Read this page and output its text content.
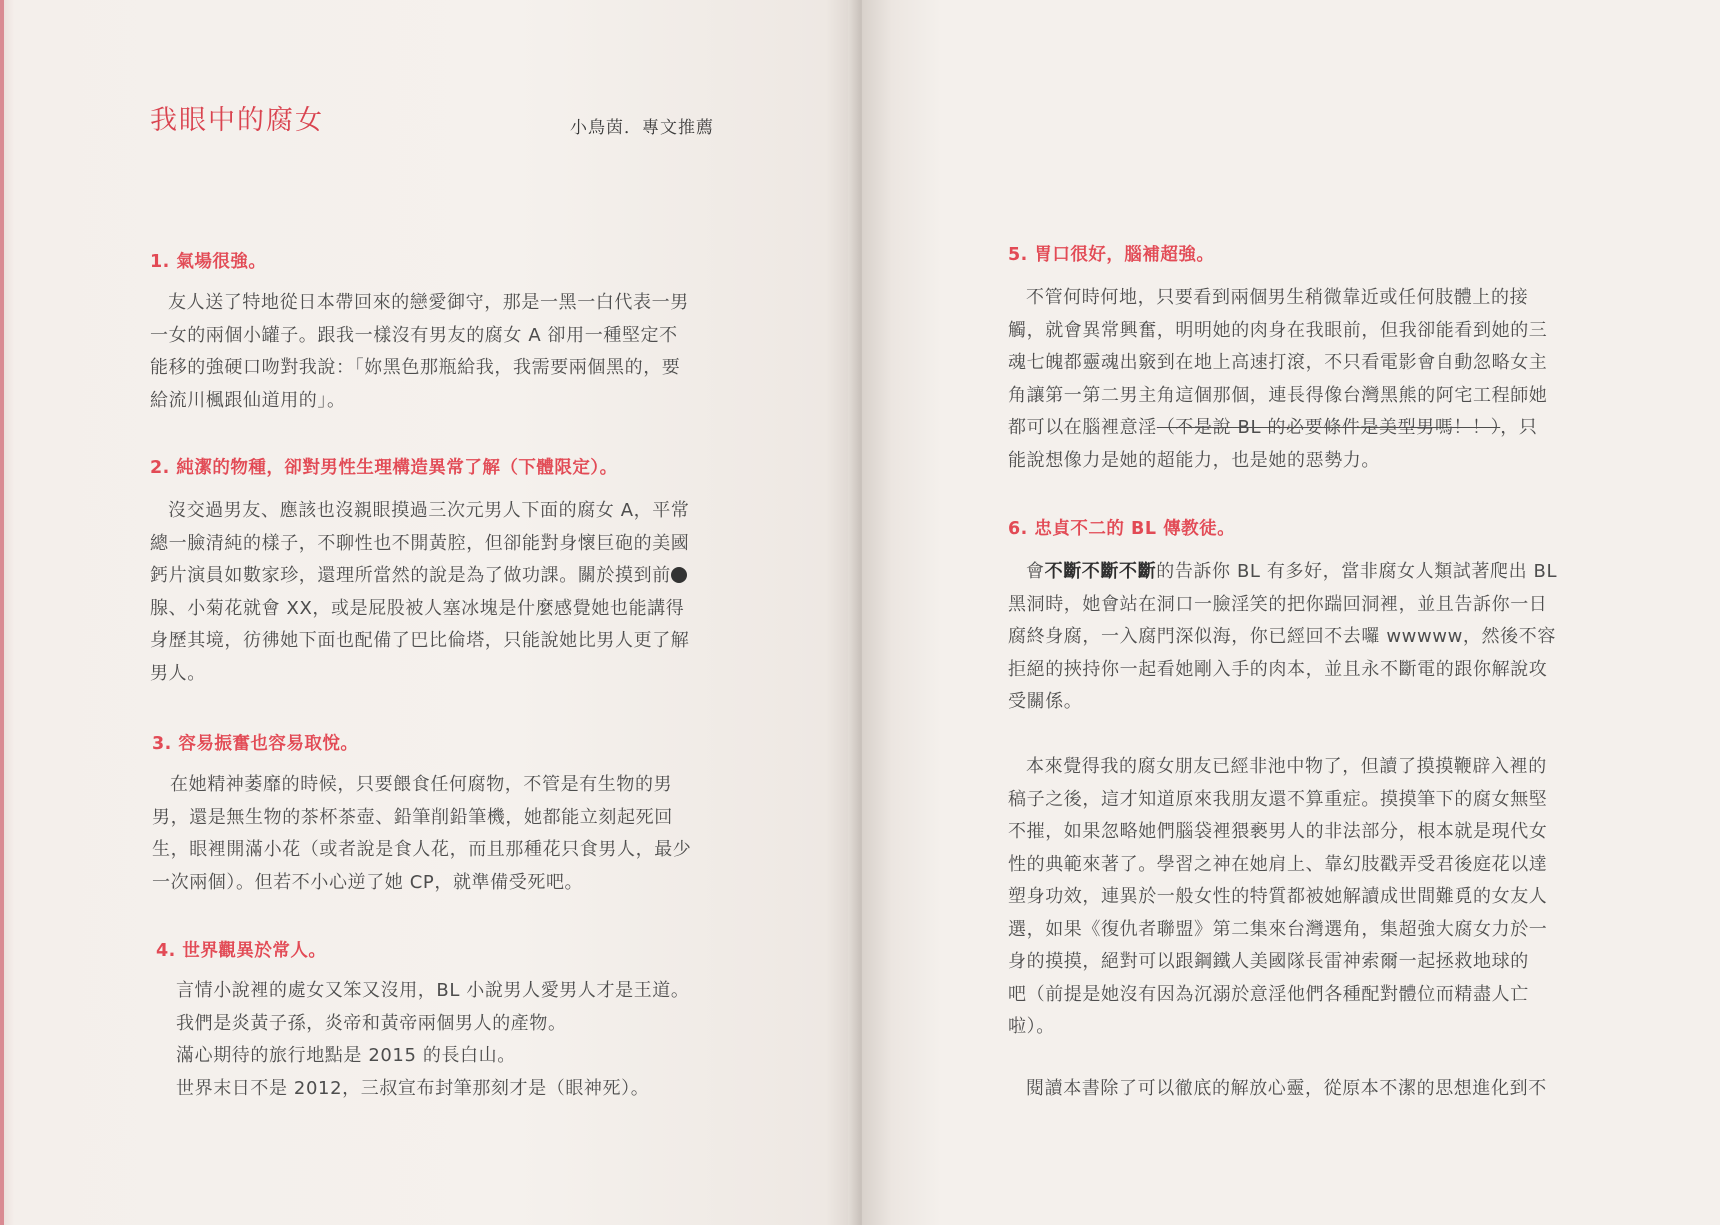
我眼中的腐女	小鳥茵．專文推薦
1. 氣場很強。

友人送了特地從日本帶回來的戀愛御守，那是一黑一白代表一男
一女的兩個小罐子。跟我一樣沒有男友的腐女 A 卻用一種堅定不
能移的強硬口吻對我說：「妳黑色那瓶給我，我需要兩個黑的，要
給流川楓跟仙道用的」。

2. 純潔的物種，卻對男性生理構造異常了解（下體限定）。

沒交過男友、應該也沒親眼摸過三次元男人下面的腐女 A，平常
總一臉清純的樣子，不聊性也不開黃腔，但卻能對身懷巨砲的美國
鈣片演員如數家珍，還理所當然的說是為了做功課。關於摸到前
腺、小菊花就會 XX，或是屁股被人塞冰塊是什麼感覺她也能講得
身歷其境，彷彿她下面也配備了巴比倫塔，只能說她比男人更了解
男人。

3. 容易振奮也容易取悅。

在她精神萎靡的時候，只要餵食任何腐物，不管是有生物的男
男，還是無生物的茶杯茶壺、鉛筆削鉛筆機，她都能立刻起死回
生，眼裡開滿小花（或者說是食人花，而且那種花只食男人，最少
一次兩個）。但若不小心逆了她 CP，就準備受死吧。

4. 世界觀異於常人。

言情小說裡的處女又笨又沒用，BL 小說男人愛男人才是王道。
我們是炎黃子孫，炎帝和黃帝兩個男人的產物。
滿心期待的旅行地點是 2015 的長白山。
世界末日不是 2012，三叔宣布封筆那刻才是（眼神死）。

5. 胃口很好，腦補超強。

不管何時何地，只要看到兩個男生稍微靠近或任何肢體上的接
觸，就會異常興奮，明明她的肉身在我眼前，但我卻能看到她的三
魂七魄都靈魂出竅到在地上高速打滾，不只看電影會自動忽略女主
角讓第一第二男主角這個那個，連長得像台灣黑熊的阿宅工程師她
都可以在腦裡意淫（不是說 BL 的必要條件是美型男嗎！！），只
能說想像力是她的超能力，也是她的惡勢力。

6. 忠貞不二的 BL 傳教徒。

會不斷不斷不斷的告訴你 BL 有多好，當非腐女人類試著爬出 BL
黑洞時，她會站在洞口一臉淫笑的把你踹回洞裡，並且告訴你一日
腐終身腐，一入腐門深似海，你已經回不去囉 wwwww，然後不容
拒絕的挾持你一起看她剛入手的肉本，並且永不斷電的跟你解說攻
受關係。

本來覺得我的腐女朋友已經非池中物了，但讀了摸摸鞭辟入裡的
稿子之後，這才知道原來我朋友還不算重症。摸摸筆下的腐女無堅
不摧，如果忽略她們腦袋裡猥褻男人的非法部分，根本就是現代女
性的典範來著了。學習之神在她肩上、靠幻肢戳弄受君後庭花以達
塑身功效，連異於一般女性的特質都被她解讀成世間難覓的女友人
選，如果《復仇者聯盟》第二集來台灣選角，集超強大腐女力於一
身的摸摸，絕對可以跟鋼鐵人美國隊長雷神索爾一起拯救地球的
吧（前提是她沒有因為沉溺於意淫他們各種配對體位而精盡人亡
啦）。

閱讀本書除了可以徹底的解放心靈，從原本不潔的思想進化到不
